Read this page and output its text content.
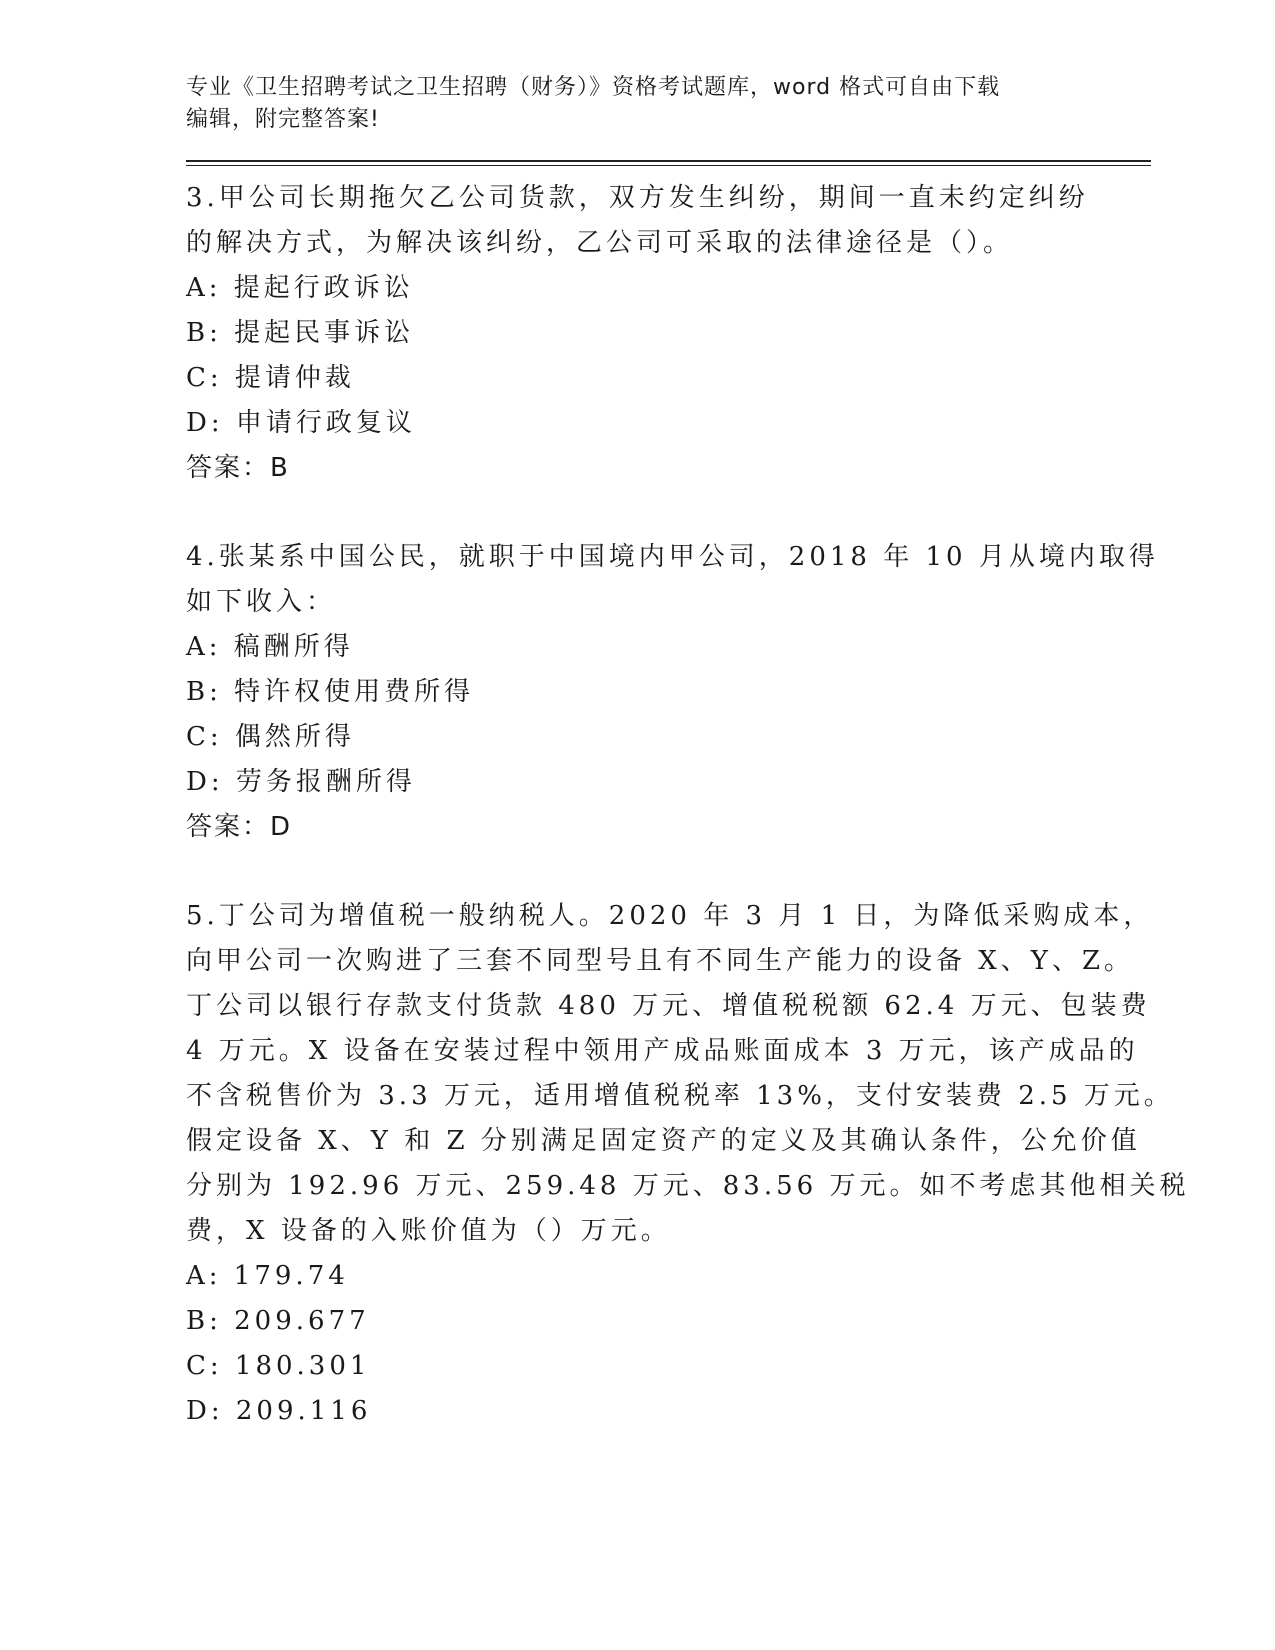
专业《卫生招聘考试之卫生招聘（财务）》资格考试题库，word 格式可自由下载
编辑，附完整答案!
3.甲公司长期拖欠乙公司货款，双方发生纠纷，期间一直未约定纠纷
的解决方式，为解决该纠纷，乙公司可采取的法律途径是（）。
A: 提起行政诉讼
B: 提起民事诉讼
C: 提请仲裁
D: 申请行政复议
答案：B
4.张某系中国公民，就职于中国境内甲公司，2018 年 10 月从境内取得
如下收入：
A: 稿酬所得
B: 特许权使用费所得
C: 偶然所得
D: 劳务报酬所得
答案：D
5.丁公司为增值税一般纳税人。2020 年 3 月 1 日，为降低采购成本，
向甲公司一次购进了三套不同型号且有不同生产能力的设备 X、Y、Z。
丁公司以银行存款支付货款 480 万元、增值税税额 62.4 万元、包装费
4 万元。X 设备在安装过程中领用产成品账面成本 3 万元，该产成品的
不含税售价为 3.3 万元，适用增值税税率 13%，支付安装费 2.5 万元。
假定设备 X、Y 和 Z 分别满足固定资产的定义及其确认条件，公允价值
分别为 192.96 万元、259.48 万元、83.56 万元。如不考虑其他相关税
费，X 设备的入账价值为（）万元。
A: 179.74
B: 209.677
C: 180.301
D: 209.116
